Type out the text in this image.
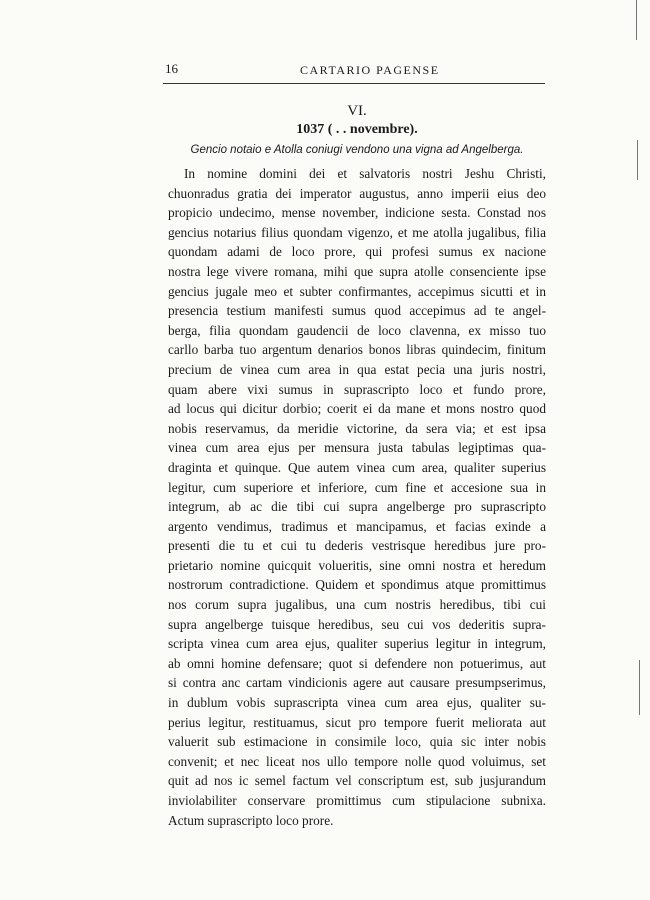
16	CARTARIO PAGENSE
VI.
1037 ( . . novembre).
Gencio notaio e Atolla coniugi vendono una vigna ad Angelberga.
In nomine domini dei et salvatoris nostri Jeshu Christi,
chuonradus gratia dei imperator augustus, anno imperii eius deo
propicio undecimo, mense november, indicione sesta. Constad nos
gencius notarius filius quondam vigenzo, et me atolla jugalibus, filia
quondam adami de loco prore, qui profesi sumus ex nacione
nostra lege vivere romana, mihi que supra atolle consenciente ipse
gencius jugale meo et subter confirmantes, accepimus sicutti et in
presencia testium manifesti sumus quod accepimus ad te angel-
berga, filia quondam gaudencii de loco clavenna, ex misso tuo
carllo barba tuo argentum denarios bonos libras quindecim, finitum
precium de vinea cum area in qua estat pecia una juris nostri,
quam abere vixi sumus in suprascripto loco et fundo prore,
ad locus qui dicitur dorbio; coerit ei da mane et mons nostro quod
nobis reservamus, da meridie victorine, da sera via; et est ipsa
vinea cum area ejus per mensura justa tabulas legiptimas qua-
draginta et quinque. Que autem vinea cum area, qualiter superius
legitur, cum superiore et inferiore, cum fine et accesione sua in
integrum, ab ac die tibi cui supra angelberge pro suprascripto
argento vendimus, tradimus et mancipamus, et facias exinde a
presenti die tu et cui tu dederis vestrisque heredibus jure pro-
prietario nomine quicquit volueritis, sine omni nostra et heredum
nostrorum contradictione. Quidem et spondimus atque promittimus
nos corum supra jugalibus, una cum nostris heredibus, tibi cui
supra angelberge tuisque heredibus, seu cui vos dederitis supra-
scripta vinea cum area ejus, qualiter superius legitur in integrum,
ab omni homine defensare; quot si defendere non potuerimus, aut
si contra anc cartam vindicionis agere aut causare presumpserimus,
in dublum vobis suprascripta vinea cum area ejus, qualiter su-
perius legitur, restituamus, sicut pro tempore fuerit meliorata aut
valuerit sub estimacione in consimile loco, quia sic inter nobis
convenit; et nec liceat nos ullo tempore nolle quod voluimus, set
quit ad nos ic semel factum vel conscriptum est, sub jusjurandum
inviolabiliter conservare promittimus cum stipulacione subnixa.
Actum suprascripto loco prore.
